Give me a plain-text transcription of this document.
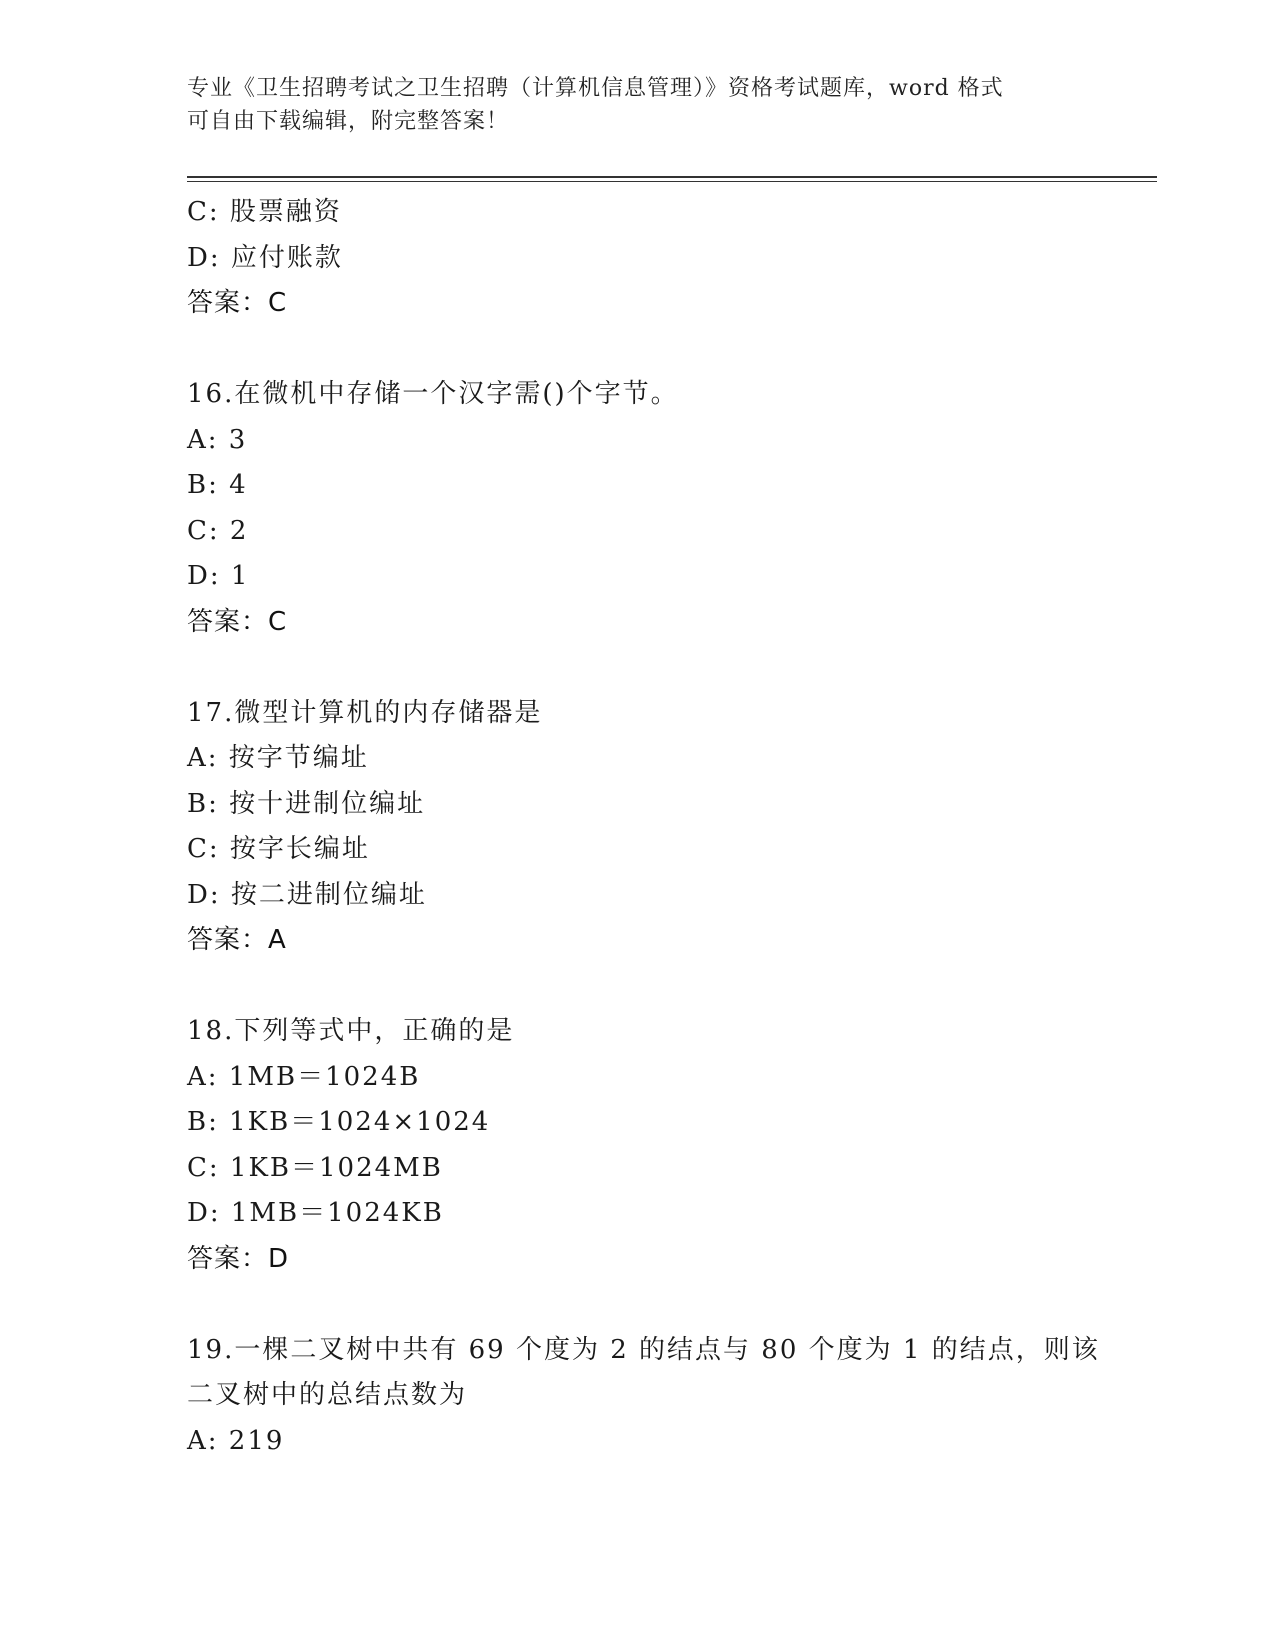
专业《卫生招聘考试之卫生招聘（计算机信息管理）》资格考试题库，word 格式
可自由下载编辑，附完整答案！
C: 股票融资
D: 应付账款
答案：C
16.在微机中存储一个汉字需()个字节。
A: 3
B: 4
C: 2
D: 1
答案：C
17.微型计算机的内存储器是
A: 按字节编址
B: 按十进制位编址
C: 按字长编址
D: 按二进制位编址
答案：A
18.下列等式中，正确的是
A: 1MB＝1024B
B: 1KB＝1024×1024
C: 1KB＝1024MB
D: 1MB＝1024KB
答案：D
19.一棵二叉树中共有 69 个度为 2 的结点与 80 个度为 1 的结点，则该
二叉树中的总结点数为
A: 219
